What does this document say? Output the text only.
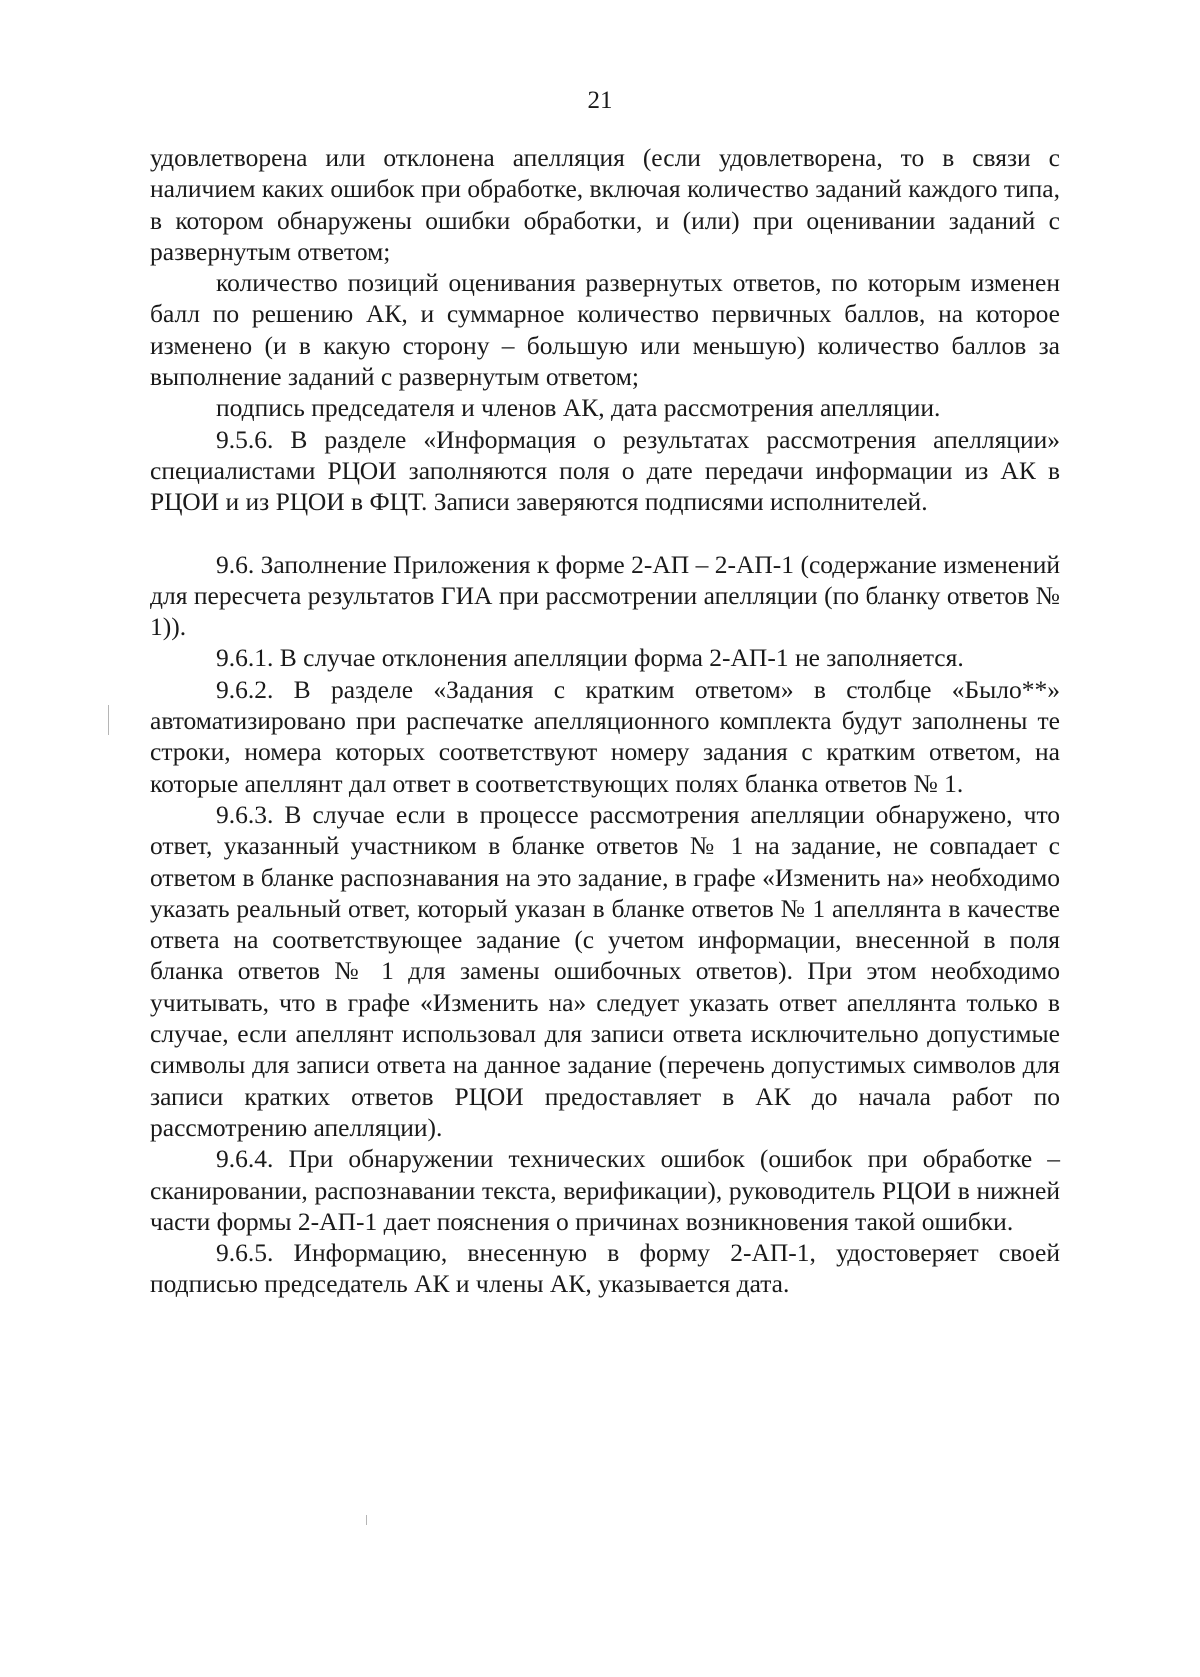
21

удовлетворена или отклонена апелляция (если удовлетворена, то в связи с наличием каких ошибок при обработке, включая количество заданий каждого типа, в котором обнаружены ошибки обработки, и (или) при оценивании заданий с развернутым ответом;

количество позиций оценивания развернутых ответов, по которым изменен балл по решению АК, и суммарное количество первичных баллов, на которое изменено (и в какую сторону – большую или меньшую) количество баллов за выполнение заданий с развернутым ответом;

подпись председателя и членов АК, дата рассмотрения апелляции.

9.5.6. В разделе «Информация о результатах рассмотрения апелляции» специалистами РЦОИ заполняются поля о дате передачи информации из АК в РЦОИ и из РЦОИ в ФЦТ. Записи заверяются подписями исполнителей.

9.6. Заполнение Приложения к форме 2-АП – 2-АП-1 (содержание изменений для пересчета результатов ГИА при рассмотрении апелляции (по бланку ответов № 1)).

9.6.1. В случае отклонения апелляции форма 2-АП-1 не заполняется.

9.6.2. В разделе «Задания с кратким ответом» в столбце «Было**» автоматизировано при распечатке апелляционного комплекта будут заполнены те строки, номера которых соответствуют номеру задания с кратким ответом, на которые апеллянт дал ответ в соответствующих полях бланка ответов № 1.

9.6.3. В случае если в процессе рассмотрения апелляции обнаружено, что ответ, указанный участником в бланке ответов № 1 на задание, не совпадает с ответом в бланке распознавания на это задание, в графе «Изменить на» необходимо указать реальный ответ, который указан в бланке ответов № 1 апеллянта в качестве ответа на соответствующее задание (с учетом информации, внесенной в поля бланка ответов № 1 для замены ошибочных ответов). При этом необходимо учитывать, что в графе «Изменить на» следует указать ответ апеллянта только в случае, если апеллянт использовал для записи ответа исключительно допустимые символы для записи ответа на данное задание (перечень допустимых символов для записи кратких ответов РЦОИ предоставляет в АК до начала работ по рассмотрению апелляции).

9.6.4. При обнаружении технических ошибок (ошибок при обработке – сканировании, распознавании текста, верификации), руководитель РЦОИ в нижней части формы 2-АП-1 дает пояснения о причинах возникновения такой ошибки.

9.6.5. Информацию, внесенную в форму 2-АП-1, удостоверяет своей подписью председатель АК и члены АК, указывается дата.
